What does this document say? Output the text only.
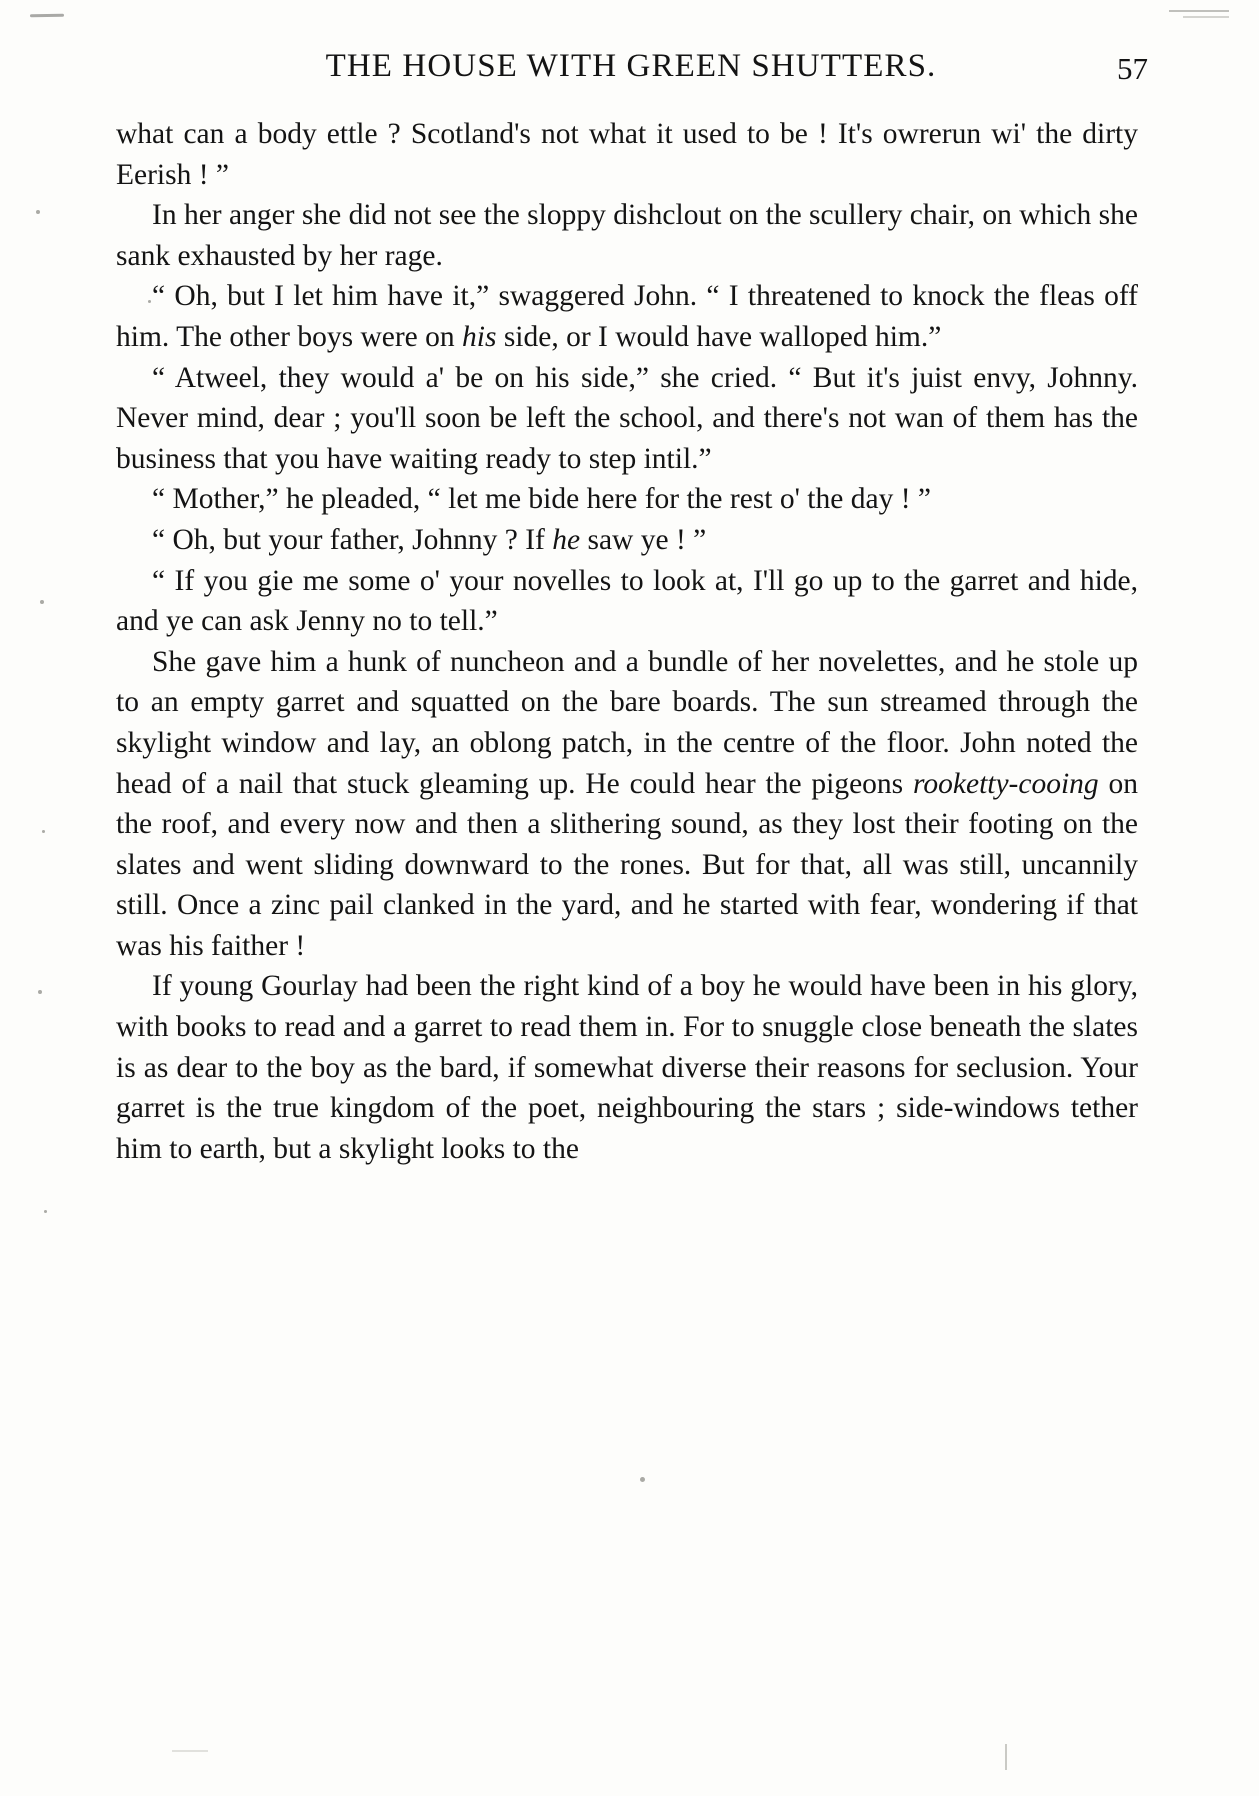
THE HOUSE WITH GREEN SHUTTERS.	57

what can a body ettle ? Scotland's not what it used to be ! It's owrerun wi' the dirty Eerish ! ”

In her anger she did not see the sloppy dishclout on the scullery chair, on which she sank exhausted by her rage.

“ Oh, but I let him have it,” swaggered John. “ I threatened to knock the fleas off him. The other boys were on his side, or I would have walloped him.”

“ Atweel, they would a' be on his side,” she cried. “ But it's juist envy, Johnny. Never mind, dear ; you'll soon be left the school, and there's not wan of them has the business that you have waiting ready to step intil.”

“ Mother,” he pleaded, “ let me bide here for the rest o' the day ! ”

“ Oh, but your father, Johnny ? If he saw ye ! ”

“ If you gie me some o' your novelles to look at, I'll go up to the garret and hide, and ye can ask Jenny no to tell.”

She gave him a hunk of nuncheon and a bundle of her novelettes, and he stole up to an empty garret and squatted on the bare boards. The sun streamed through the skylight window and lay, an oblong patch, in the centre of the floor. John noted the head of a nail that stuck gleaming up. He could hear the pigeons rooketty-cooing on the roof, and every now and then a slithering sound, as they lost their footing on the slates and went sliding downward to the rones. But for that, all was still, uncannily still. Once a zinc pail clanked in the yard, and he started with fear, wondering if that was his faither !

If young Gourlay had been the right kind of a boy he would have been in his glory, with books to read and a garret to read them in. For to snuggle close beneath the slates is as dear to the boy as the bard, if somewhat diverse their reasons for seclusion. Your garret is the true kingdom of the poet, neighbouring the stars ; side-windows tether him to earth, but a skylight looks to the
